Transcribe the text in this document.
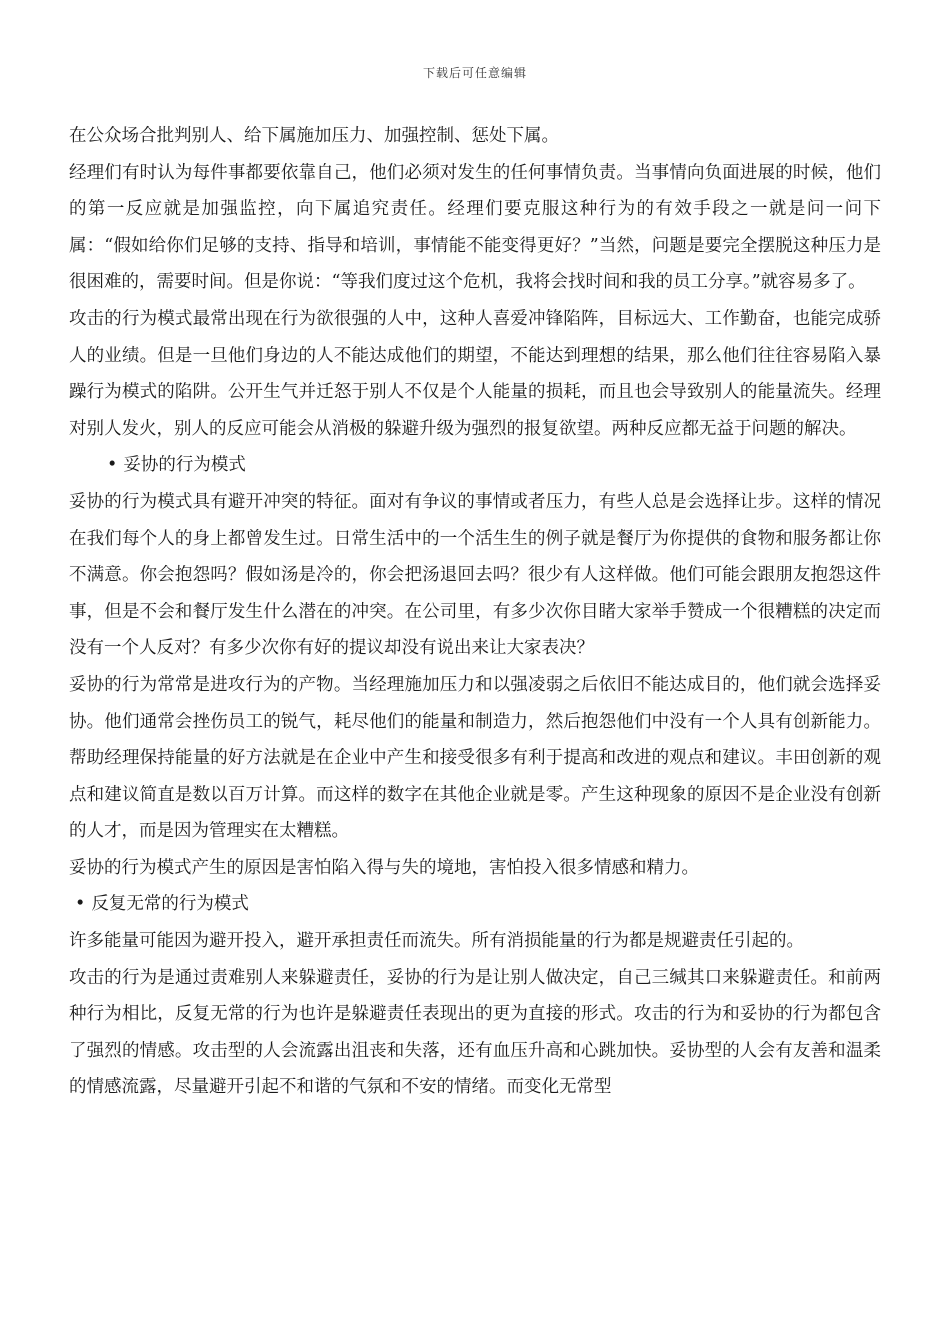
下载后可任意编辑

在公众场合批判别人、给下属施加压力、加强控制、惩处下属。

经理们有时认为每件事都要依靠自己，他们必须对发生的任何事情负责。当事情向负面进展的时候，他们的第一反应就是加强监控，向下属追究责任。经理们要克服这种行为的有效手段之一就是问一问下属：“假如给你们足够的支持、指导和培训，事情能不能变得更好？”当然，问题是要完全摆脱这种压力是很困难的，需要时间。但是你说：“等我们度过这个危机，我将会找时间和我的员工分享。”就容易多了。

攻击的行为模式最常出现在行为欲很强的人中，这种人喜爱冲锋陷阵，目标远大、工作勤奋，也能完成骄人的业绩。但是一旦他们身边的人不能达成他们的期望，不能达到理想的结果，那么他们往往容易陷入暴躁行为模式的陷阱。公开生气并迁怒于别人不仅是个人能量的损耗，而且也会导致别人的能量流失。经理对别人发火，别人的反应可能会从消极的躲避升级为强烈的报复欲望。两种反应都无益于问题的解决。

• 妥协的行为模式

妥协的行为模式具有避开冲突的特征。面对有争议的事情或者压力，有些人总是会选择让步。这样的情况在我们每个人的身上都曾发生过。日常生活中的一个活生生的例子就是餐厅为你提供的食物和服务都让你不满意。你会抱怨吗？假如汤是冷的，你会把汤退回去吗？很少有人这样做。他们可能会跟朋友抱怨这件事，但是不会和餐厅发生什么潜在的冲突。在公司里，有多少次你目睹大家举手赞成一个很糟糕的决定而没有一个人反对？有多少次你有好的提议却没有说出来让大家表决？

妥协的行为常常是进攻行为的产物。当经理施加压力和以强凌弱之后依旧不能达成目的，他们就会选择妥协。他们通常会挫伤员工的锐气，耗尽他们的能量和制造力，然后抱怨他们中没有一个人具有创新能力。帮助经理保持能量的好方法就是在企业中产生和接受很多有利于提高和改进的观点和建议。丰田创新的观点和建议简直是数以百万计算。而这样的数字在其他企业就是零。产生这种现象的原因不是企业没有创新的人才，而是因为管理实在太糟糕。

妥协的行为模式产生的原因是害怕陷入得与失的境地，害怕投入很多情感和精力。

• 反复无常的行为模式

许多能量可能因为避开投入，避开承担责任而流失。所有消损能量的行为都是规避责任引起的。

攻击的行为是通过责难别人来躲避责任，妥协的行为是让别人做决定，自己三缄其口来躲避责任。和前两种行为相比，反复无常的行为也许是躲避责任表现出的更为直接的形式。攻击的行为和妥协的行为都包含了强烈的情感。攻击型的人会流露出沮丧和失落，还有血压升高和心跳加快。妥协型的人会有友善和温柔的情感流露，尽量避开引起不和谐的气氛和不安的情绪。而变化无常型
